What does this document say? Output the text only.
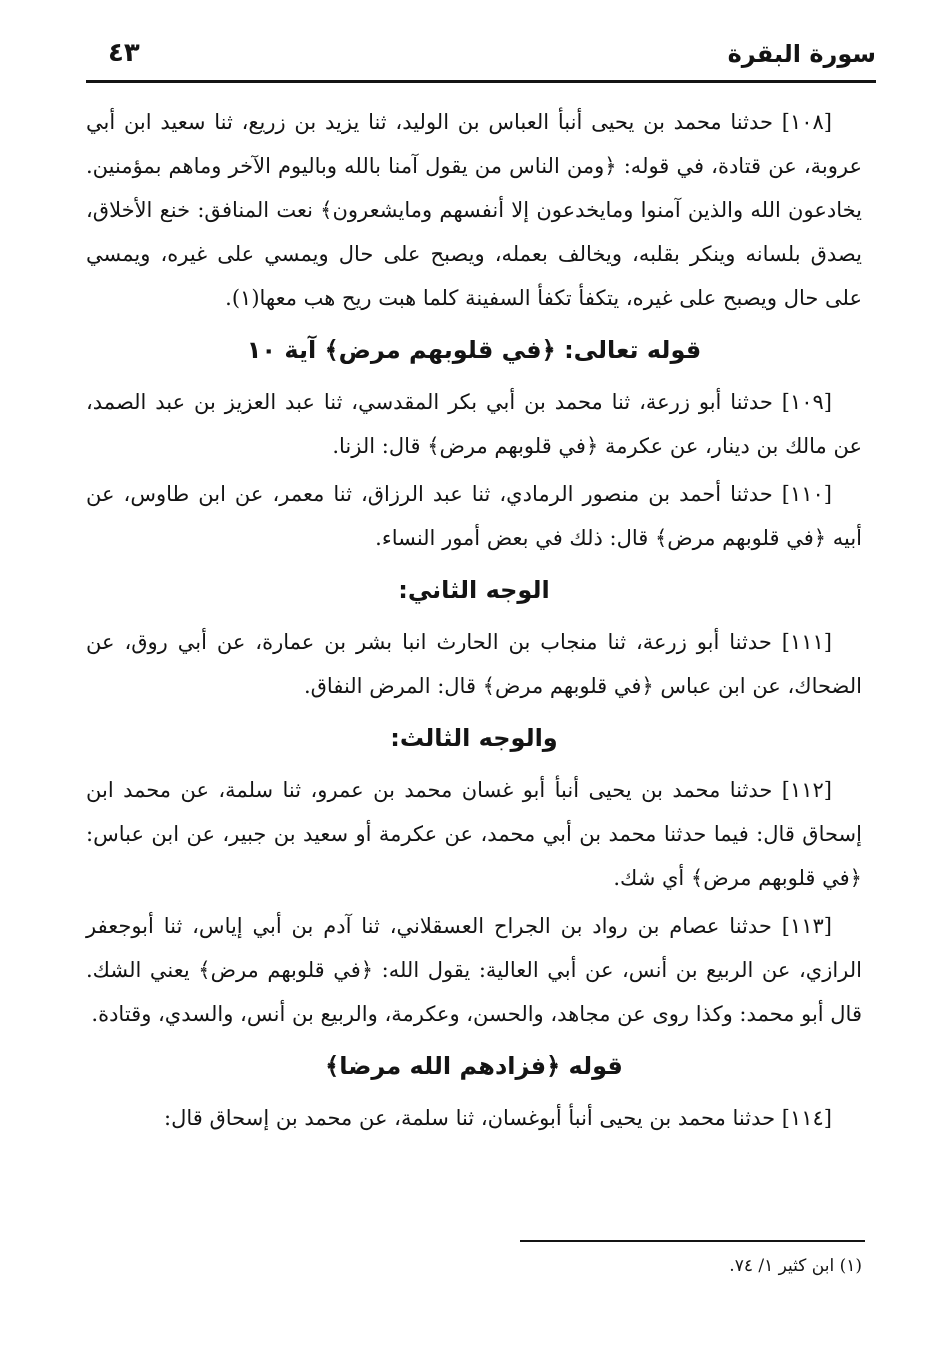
سورة البقرة
٤٣

[١٠٨] حدثنا محمد بن يحيى أنبأ العباس بن الوليد، ثنا يزيد بن زريع، ثنا سعيد ابن أبي عروبة، عن قتادة، في قوله: ﴿ومن الناس من يقول آمنا بالله وباليوم الآخر وماهم بمؤمنين. يخادعون الله والذين آمنوا ومايخدعون إلا أنفسهم ومايشعرون﴾ نعت المنافق: خنع الأخلاق، يصدق بلسانه وينكر بقلبه، ويخالف بعمله، ويصبح على حال ويمسي على غيره، ويمسي على حال ويصبح على غيره، يتكفأ تكفأ السفينة كلما هبت ريح هب معها(١).

قوله تعالى: ﴿في قلوبهم مرض﴾ آية ١٠

[١٠٩] حدثنا أبو زرعة، ثنا محمد بن أبي بكر المقدسي، ثنا عبد العزيز بن عبد الصمد، عن مالك بن دينار، عن عكرمة ﴿في قلوبهم مرض﴾ قال: الزنا.

[١١٠] حدثنا أحمد بن منصور الرمادي، ثنا عبد الرزاق، ثنا معمر، عن ابن طاوس، عن أبيه ﴿في قلوبهم مرض﴾ قال: ذلك في بعض أمور النساء.

الوجه الثاني:

[١١١] حدثنا أبو زرعة، ثنا منجاب بن الحارث انبا بشر بن عمارة، عن أبي روق، عن الضحاك، عن ابن عباس ﴿في قلوبهم مرض﴾ قال: المرض النفاق.

والوجه الثالث:

[١١٢] حدثنا محمد بن يحيى أنبأ أبو غسان محمد بن عمرو، ثنا سلمة، عن محمد ابن إسحاق قال: فيما حدثنا محمد بن أبي محمد، عن عكرمة أو سعيد بن جبير، عن ابن عباس: ﴿في قلوبهم مرض﴾ أي شك.

[١١٣] حدثنا عصام بن رواد بن الجراح العسقلاني، ثنا آدم بن أبي إياس، ثنا أبوجعفر الرازي، عن الربيع بن أنس، عن أبي العالية: يقول الله: ﴿في قلوبهم مرض﴾ يعني الشك. قال أبو محمد: وكذا روى عن مجاهد، والحسن، وعكرمة، والربيع بن أنس، والسدي، وقتادة.

قوله ﴿فزادهم الله مرضا﴾

[١١٤] حدثنا محمد بن يحيى أنبأ أبوغسان، ثنا سلمة، عن محمد بن إسحاق قال:

(١) ابن كثير ١/ ٧٤.
